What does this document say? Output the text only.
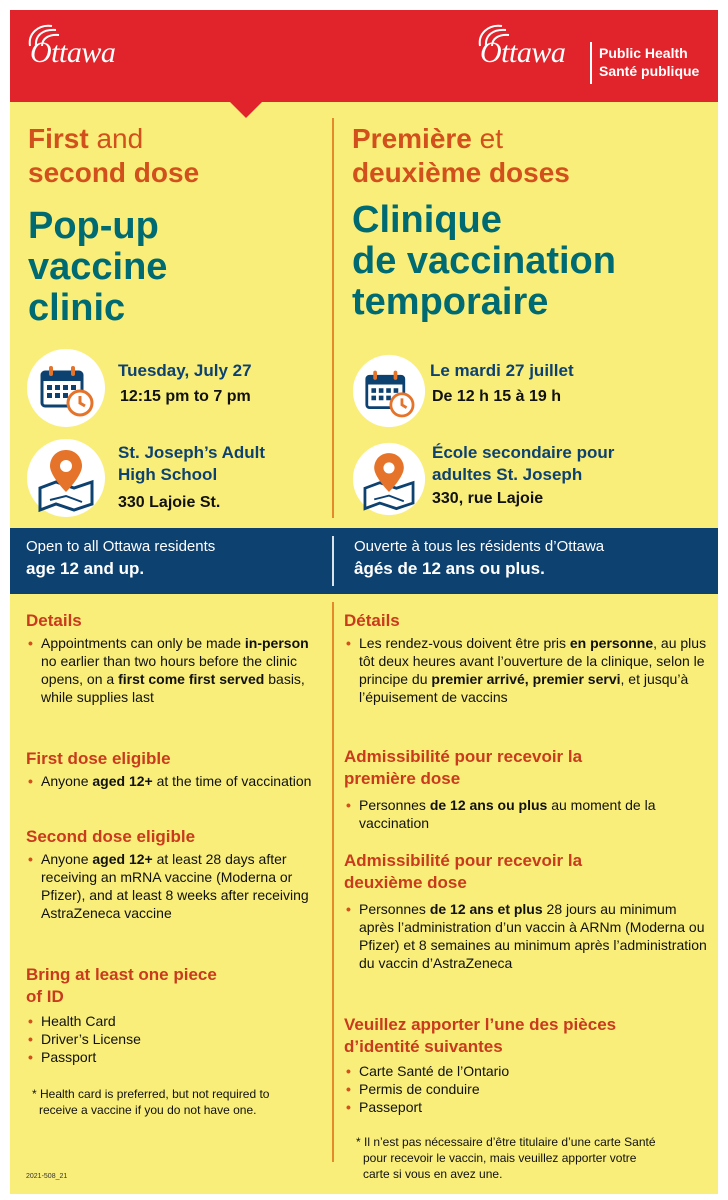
Ottawa	Ottawa Public Health
Santé publique
First and
second dose
Pop-up
vaccine
clinic
Première et
deuxième doses
Clinique
de vaccination
temporaire
Tuesday, July 27
12:15 pm to 7 pm
St. Joseph’s Adult
High School
330 Lajoie St.
Le mardi 27 juillet
De 12 h 15 à 19 h
École secondaire pour
adultes St. Joseph
330, rue Lajoie
Open to all Ottawa residents
age 12 and up.
Ouverte à tous les résidents d’Ottawa
âgés de 12 ans ou plus.
Details
• Appointments can only be made in-person no earlier than two hours before the clinic opens, on a first come first served basis, while supplies last
First dose eligible
• Anyone aged 12+ at the time of vaccination
Second dose eligible
• Anyone aged 12+ at least 28 days after receiving an mRNA vaccine (Moderna or Pfizer), and at least 8 weeks after receiving AstraZeneca vaccine
Bring at least one piece
of ID
• Health Card
• Driver’s License
• Passport
* Health card is preferred, but not required to
receive a vaccine if you do not have one.
2021-508_21
Détails
• Les rendez-vous doivent être pris en personne, au plus tôt deux heures avant l’ouverture de la clinique, selon le principe du premier arrivé, premier servi, et jusqu’à l’épuisement de vaccins
Admissibilité pour recevoir la
première dose
• Personnes de 12 ans ou plus au moment de la vaccination
Admissibilité pour recevoir la
deuxième dose
• Personnes de 12 ans et plus 28 jours au minimum après l’administration d’un vaccin à ARNm (Moderna ou Pfizer) et 8 semaines au minimum après l’administration du vaccin d’AstraZeneca
Veuillez apporter l’une des pièces
d’identité suivantes
• Carte Santé de l’Ontario
• Permis de conduire
• Passeport
* Il n’est pas nécessaire d’être titulaire d’une carte Santé
pour recevoir le vaccin, mais veuillez apporter votre
carte si vous en avez une.
